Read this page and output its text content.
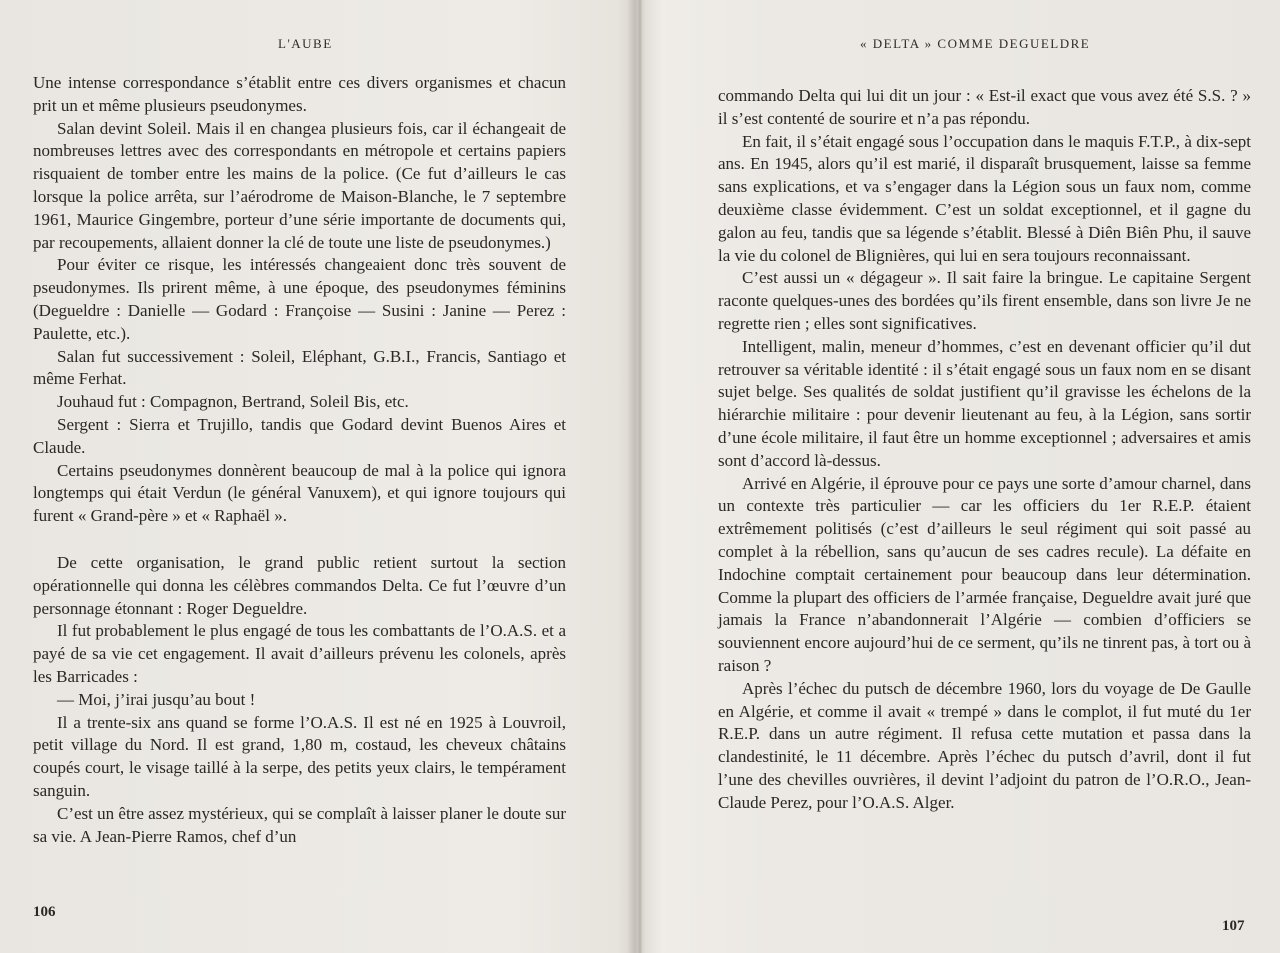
L'AUBE

Une intense correspondance s’établit entre ces divers organismes et chacun prit un et même plusieurs pseudonymes.

Salan devint Soleil. Mais il en changea plusieurs fois, car il échangeait de nombreuses lettres avec des correspondants en métropole et certains papiers risquaient de tomber entre les mains de la police. (Ce fut d’ailleurs le cas lorsque la police arrêta, sur l’aérodrome de Maison-Blanche, le 7 septembre 1961, Maurice Gingembre, porteur d’une série importante de documents qui, par recoupements, allaient donner la clé de toute une liste de pseudonymes.)

Pour éviter ce risque, les intéressés changeaient donc très souvent de pseudonymes. Ils prirent même, à une époque, des pseudonymes féminins (Degueldre : Danielle — Godard : Françoise — Susini : Janine — Perez : Paulette, etc.).

Salan fut successivement : Soleil, Eléphant, G.B.I., Francis, Santiago et même Ferhat.

Jouhaud fut : Compagnon, Bertrand, Soleil Bis, etc.

Sergent : Sierra et Trujillo, tandis que Godard devint Buenos Aires et Claude.

Certains pseudonymes donnèrent beaucoup de mal à la police qui ignora longtemps qui était Verdun (le général Vanuxem), et qui ignore toujours qui furent « Grand-père » et « Raphaël ».

De cette organisation, le grand public retient surtout la section opérationnelle qui donna les célèbres commandos Delta. Ce fut l’œuvre d’un personnage étonnant : Roger Degueldre.

Il fut probablement le plus engagé de tous les combattants de l’O.A.S. et a payé de sa vie cet engagement. Il avait d’ailleurs prévenu les colonels, après les Barricades :

— Moi, j’irai jusqu’au bout !

Il a trente-six ans quand se forme l’O.A.S. Il est né en 1925 à Louvroil, petit village du Nord. Il est grand, 1,80 m, costaud, les cheveux châtains coupés court, le visage taillé à la serpe, des petits yeux clairs, le tempérament sanguin.

C’est un être assez mystérieux, qui se complaît à laisser planer le doute sur sa vie. A Jean-Pierre Ramos, chef d’un

106
« DELTA » COMME DEGUELDRE

commando Delta qui lui dit un jour : « Est-il exact que vous avez été S.S. ? » il s’est contenté de sourire et n’a pas répondu.

En fait, il s’était engagé sous l’occupation dans le maquis F.T.P., à dix-sept ans. En 1945, alors qu’il est marié, il disparaît brusquement, laisse sa femme sans explications, et va s’engager dans la Légion sous un faux nom, comme deuxième classe évidemment. C’est un soldat exceptionnel, et il gagne du galon au feu, tandis que sa légende s’établit. Blessé à Diên Biên Phu, il sauve la vie du colonel de Blignières, qui lui en sera toujours reconnaissant.

C’est aussi un « dégageur ». Il sait faire la bringue. Le capitaine Sergent raconte quelques-unes des bordées qu’ils firent ensemble, dans son livre Je ne regrette rien ; elles sont significatives.

Intelligent, malin, meneur d’hommes, c’est en devenant officier qu’il dut retrouver sa véritable identité : il s’était engagé sous un faux nom en se disant sujet belge. Ses qualités de soldat justifient qu’il gravisse les échelons de la hiérarchie militaire : pour devenir lieutenant au feu, à la Légion, sans sortir d’une école militaire, il faut être un homme exceptionnel ; adversaires et amis sont d’accord là-dessus.

Arrivé en Algérie, il éprouve pour ce pays une sorte d’amour charnel, dans un contexte très particulier — car les officiers du 1er R.E.P. étaient extrêmement politisés (c’est d’ailleurs le seul régiment qui soit passé au complet à la rébellion, sans qu’aucun de ses cadres recule). La défaite en Indochine comptait certainement pour beaucoup dans leur détermination. Comme la plupart des officiers de l’armée française, Degueldre avait juré que jamais la France n’abandonnerait l’Algérie — combien d’officiers se souviennent encore aujourd’hui de ce serment, qu’ils ne tinrent pas, à tort ou à raison ?

Après l’échec du putsch de décembre 1960, lors du voyage de De Gaulle en Algérie, et comme il avait « trempé » dans le complot, il fut muté du 1er R.E.P. dans un autre régiment. Il refusa cette mutation et passa dans la clandestinité, le 11 décembre. Après l’échec du putsch d’avril, dont il fut l’une des chevilles ouvrières, il devint l’adjoint du patron de l’O.R.O., Jean-Claude Perez, pour l’O.A.S. Alger.

107
